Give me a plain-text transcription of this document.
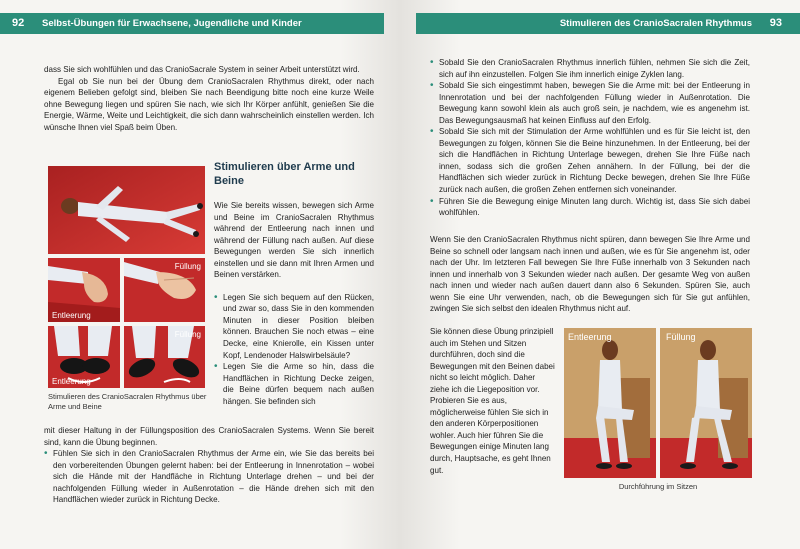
92 Selbst-Übungen für Erwachsene, Jugendliche und Kinder

dass Sie sich wohlfühlen und das CranioSacrale System in seiner Arbeit unterstützt wird.

Egal ob Sie nun bei der Übung dem CranioSacralen Rhythmus direkt, oder nach eigenem Belieben gefolgt sind, bleiben Sie nach Beendigung bitte noch eine kurze Weile ohne Bewegung liegen und spüren Sie nach, wie sich Ihr Körper anfühlt, genießen Sie die Energie, Wärme, Weite und Leichtigkeit, die sich dann wahrscheinlich einstellen werden. Ich wünsche Ihnen viel Spaß beim Üben.

Entleerung
Füllung
Entleerung
Füllung
Stimulieren des CranioSacralen Rhythmus über Arme und Beine
Stimulieren über Arme und Beine

Wie Sie bereits wissen, bewegen sich Arme und Beine im CranioSacralen Rhythmus während der Entleerung nach innen und während der Füllung nach außen. Auf diese Bewegungen werden Sie sich innerlich einstellen und sie dann mit Ihren Armen und Beinen verstärken.

• Legen Sie sich bequem auf den Rücken, und zwar so, dass Sie in den kommenden Minuten in dieser Position bleiben können. Brauchen Sie noch etwas – eine Decke, eine Knierolle, ein Kissen unter Kopf, Lendenoder Halswirbelsäule?
• Legen Sie die Arme so hin, dass die Handflächen in Richtung Decke zeigen, die Beine dürfen bequem nach außen hängen. Sie befinden sich

mit dieser Haltung in der Füllungsposition des CranioSacralen Systems. Wenn Sie bereit sind, kann die Übung beginnen.

• Fühlen Sie sich in den CranioSacralen Rhythmus der Arme ein, wie Sie das bereits bei den vorbereitenden Übungen gelernt haben: bei der Entleerung in Innenrotation – wobei sich die Hände mit der Handfläche in Richtung Unterlage drehen – und bei der nachfolgenden Füllung wieder in Außenrotation – die Hände drehen sich mit den Handflächen wieder zurück in Richtung Decke.
Stimulieren des CranioSacralen Rhythmus 93
• Sobald Sie den CranioSacralen Rhythmus innerlich fühlen, nehmen Sie sich die Zeit, sich auf ihn einzustellen. Folgen Sie ihm innerlich einige Zyklen lang.
• Sobald Sie sich eingestimmt haben, bewegen Sie die Arme mit: bei der Entleerung in Innenrotation und bei der nachfolgenden Füllung wieder in Außenrotation. Die Bewegung kann sowohl klein als auch groß sein, je nachdem, wie es angenehm ist. Das Bewegungsausmaß hat keinen Einfluss auf den Erfolg.
• Sobald Sie sich mit der Stimulation der Arme wohlfühlen und es für Sie leicht ist, den Bewegungen zu folgen, können Sie die Beine hinzunehmen. In der Entleerung, bei der sich die Handflächen in Richtung Unterlage bewegen, drehen Sie Ihre Füße nach innen, sodass sich die großen Zehen annähern. In der Füllung, bei der die Handflächen sich wieder zurück in Richtung Decke bewegen, drehen Sie Ihre Füße zurück nach außen, die großen Zehen entfernen sich voneinander.
• Führen Sie die Bewegung einige Minuten lang durch. Wichtig ist, dass Sie sich dabei wohlfühlen.

Wenn Sie den CranioSacralen Rhythmus nicht spüren, dann bewegen Sie Ihre Arme und Beine so schnell oder langsam nach innen und außen, wie es für Sie angenehm ist, oder nach der Uhr. Im letzteren Fall bewegen Sie Ihre Füße innerhalb von 3 Sekunden nach innen und innerhalb von 3 Sekunden wieder nach außen. Der gesamte Weg von außen nach innen und wieder nach außen dauert dann also 6 Sekunden. Spüren Sie, auch wenn Sie eine Uhr verwenden, nach, ob die Bewegungen sich für Sie gut anfühlen, zwingen Sie sich selbst den idealen Rhythmus nicht auf.

Sie können diese Übung prinzipiell auch im Stehen und Sitzen durchführen, doch sind die Bewegungen mit den Beinen dabei nicht so leicht möglich. Daher ziehe ich die Liegeposition vor. Probieren Sie es aus, möglicherweise fühlen Sie sich in den anderen Körperpositionen wohler. Auch hier führen Sie die Bewegungen einige Minuten lang durch, Hauptsache, es geht Ihnen gut.

Entleerung	Füllung
Durchführung im Sitzen
